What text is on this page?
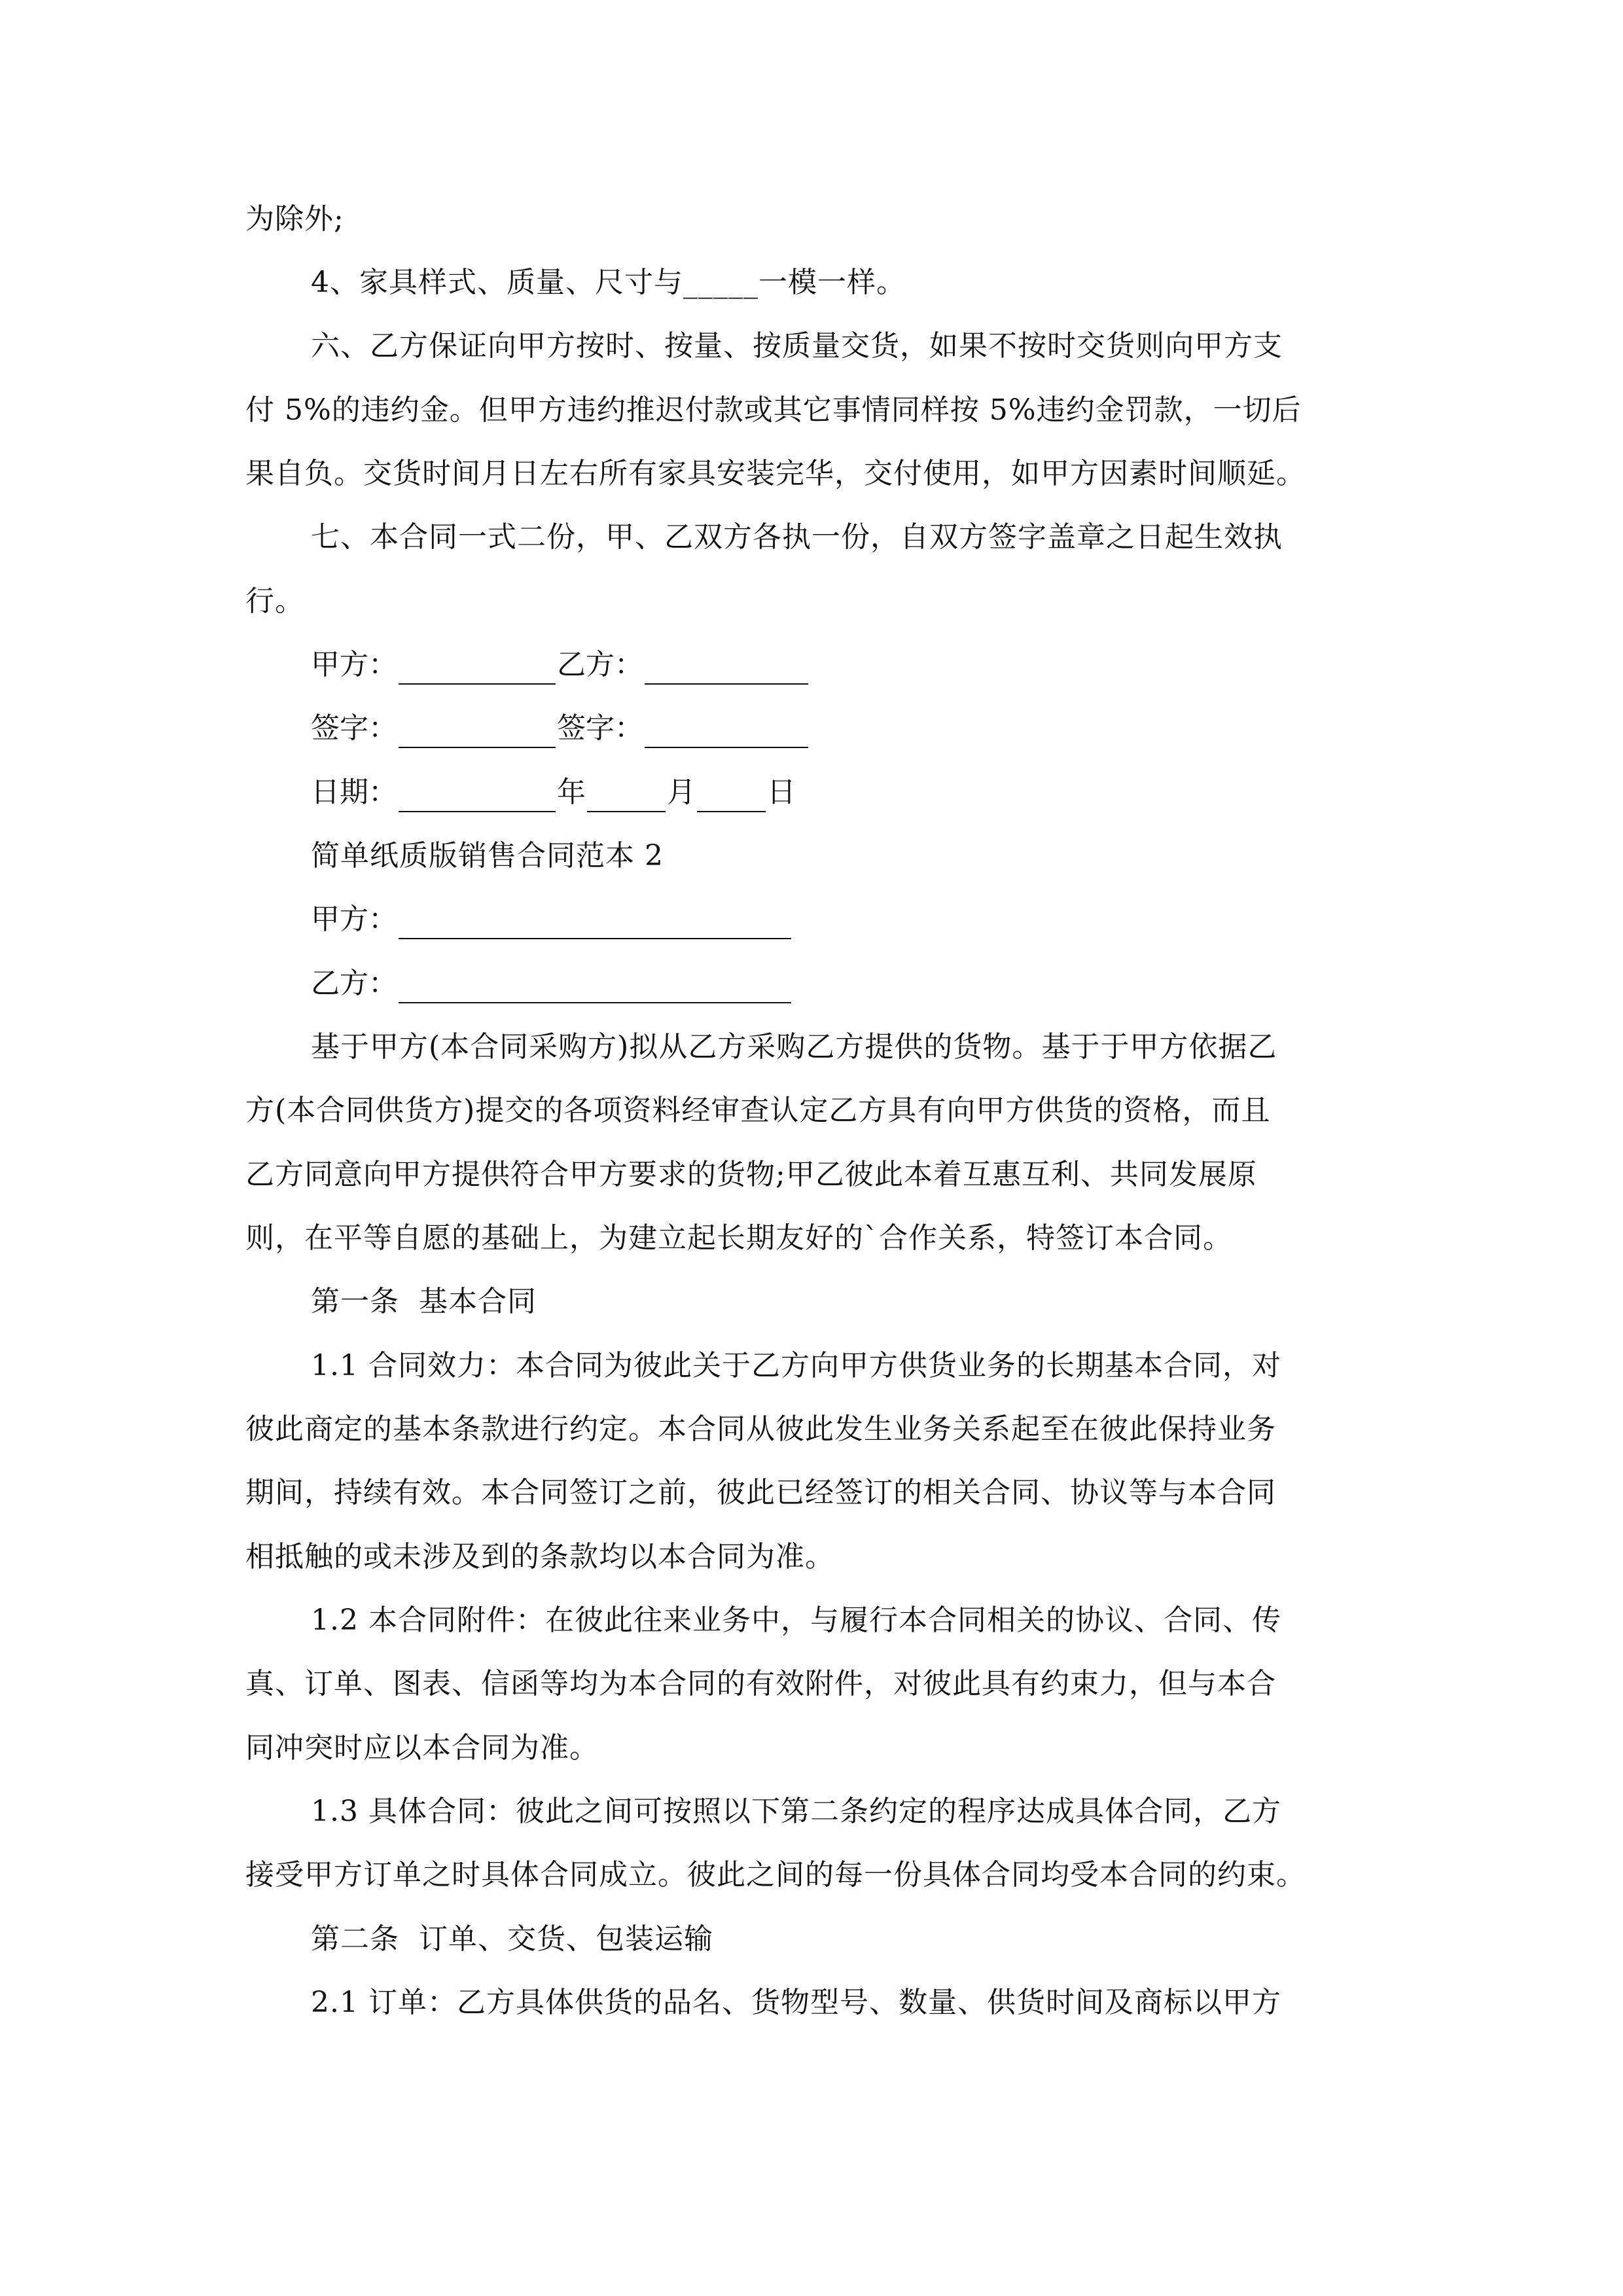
为除外;
4、家具样式、质量、尺寸与_____一模一样。
六、乙方保证向甲方按时、按量、按质量交货，如果不按时交货则向甲方支
付 5%的违约金。但甲方违约推迟付款或其它事情同样按 5%违约金罚款，一切后
果自负。交货时间月日左右所有家具安装完华，交付使用，如甲方因素时间顺延。
七、本合同一式二份，甲、乙双方各执一份，自双方签字盖章之日起生效执
行。
甲方：	乙方：
签字：	签字：
日期：	年	月 日
简单纸质版销售合同范本 2
甲方：
乙方：
基于甲方(本合同采购方)拟从乙方采购乙方提供的货物。基于于甲方依据乙
方(本合同供货方)提交的各项资料经审查认定乙方具有向甲方供货的资格，而且
乙方同意向甲方提供符合甲方要求的货物;甲乙彼此本着互惠互利、共同发展原
则，在平等自愿的基础上，为建立起长期友好的`合作关系，特签订本合同。
第一条  基本合同
1.1 合同效力：本合同为彼此关于乙方向甲方供货业务的长期基本合同，对
彼此商定的基本条款进行约定。本合同从彼此发生业务关系起至在彼此保持业务
期间，持续有效。本合同签订之前，彼此已经签订的相关合同、协议等与本合同
相抵触的或未涉及到的条款均以本合同为准。
1.2 本合同附件：在彼此往来业务中，与履行本合同相关的协议、合同、传
真、订单、图表、信函等均为本合同的有效附件，对彼此具有约束力，但与本合
同冲突时应以本合同为准。
1.3 具体合同：彼此之间可按照以下第二条约定的程序达成具体合同，乙方
接受甲方订单之时具体合同成立。彼此之间的每一份具体合同均受本合同的约束。
第二条  订单、交货、包装运输
2.1 订单：乙方具体供货的品名、货物型号、数量、供货时间及商标以甲方
